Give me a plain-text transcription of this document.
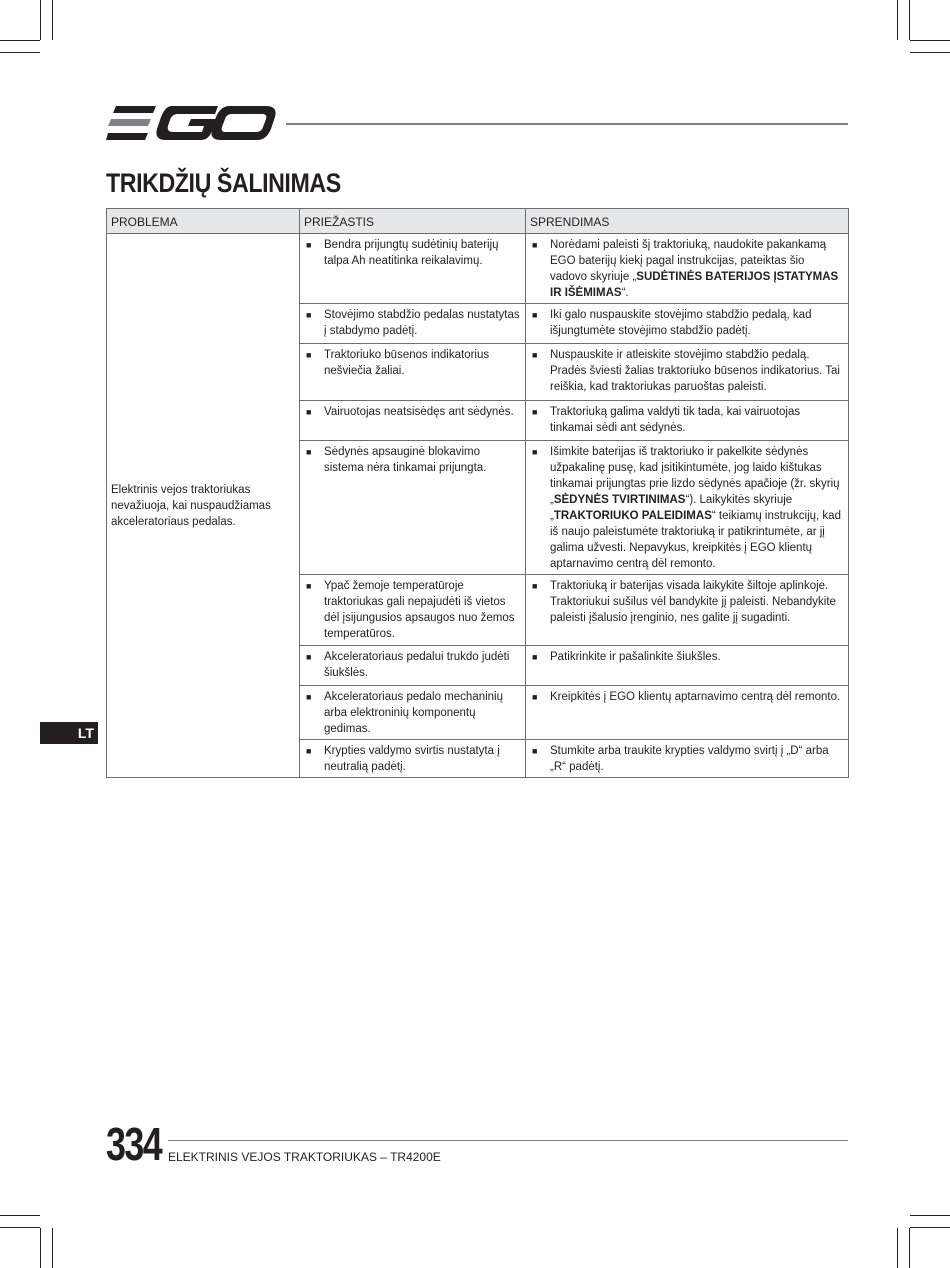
TRIKDŽIŲ ŠALINIMAS
PROBLEMA	PRIEŽASTIS	SPRENDIMAS
Elektrinis vejos traktoriukas nevažiuoja, kai nuspaudžiamas akceleratoriaus pedalas.	■ Bendra prijungtų sudėtinių baterijų talpa Ah neatitinka reikalavimų.	■ Norėdami paleisti šį traktoriuką, naudokite pakankamą EGO baterijų kiekį pagal instrukcijas, pateiktas šio vadovo skyriuje „SUDĖTINĖS BATERIJOS ĮSTATYMAS IR IŠĖMIMAS“.

	■ Stovėjimo stabdžio pedalas nustatytas į stabdymo padėtį.	■ Iki galo nuspauskite stovėjimo stabdžio pedalą, kad išjungtumėte stovėjimo stabdžio padėtį.

	■ Traktoriuko būsenos indikatorius nešviečia žaliai.	■ Nuspauskite ir atleiskite stovėjimo stabdžio pedalą. Pradės šviesti žalias traktoriuko būsenos indikatorius. Tai reiškia, kad traktoriukas paruoštas paleisti.

	■ Vairuotojas neatsisėdęs ant sėdynės.	■ Traktoriuką galima valdyti tik tada, kai vairuotojas tinkamai sėdi ant sėdynės.

	■ Sėdynės apsauginė blokavimo sistema nėra tinkamai prijungta.	■ Išimkite baterijas iš traktoriuko ir pakelkite sėdynės užpakalinę pusę, kad įsitikintumėte, jog laido kištukas tinkamai prijungtas prie lizdo sėdynės apačioje (žr. skyrių „SĖDYNĖS TVIRTINIMAS“). Laikykitės skyriuje „TRAKTORIUKO PALEIDIMAS“ teikiamų instrukcijų, kad iš naujo paleistumėte traktoriuką ir patikrintumėte, ar jį galima užvesti. Nepavykus, kreipkitės į EGO klientų aptarnavimo centrą dėl remonto.

	■ Ypač žemoje temperatūroje traktoriukas gali nepajudėti iš vietos dėl įsijungusios apsaugos nuo žemos temperatūros.	■ Traktoriuką ir baterijas visada laikykite šiltoje aplinkoje. Traktoriukui sušilus vėl bandykite jį paleisti. Nebandykite paleisti įšalusio įrenginio, nes galite jį sugadinti.

	■ Akceleratoriaus pedalui trukdo judėti šiukšlės.	■ Patikrinkite ir pašalinkite šiukšles.

	■ Akceleratoriaus pedalo mechaninių arba elektroninių komponentų gedimas.	■ Kreipkitės į EGO klientų aptarnavimo centrą dėl remonto.

	■ Krypties valdymo svirtis nustatyta į neutralią padėtį.	■ Stumkite arba traukite krypties valdymo svirtį į „D“ arba „R“ padėtį.
LT
334 ELEKTRINIS VEJOS TRAKTORIUKAS – TR4200E
